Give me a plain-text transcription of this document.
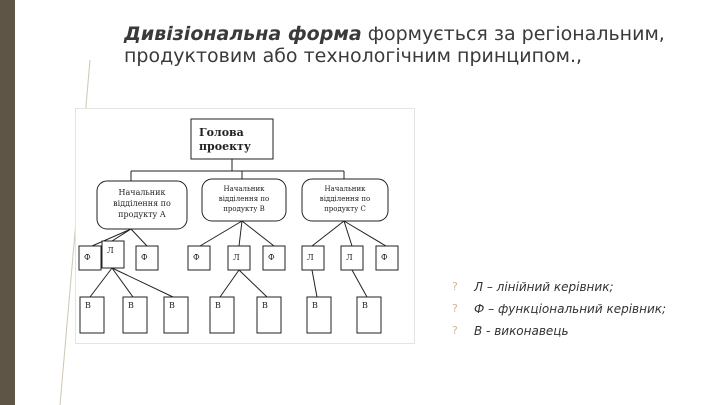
Дивізіональна форма формується за регіональним, продуктовим або технологічним принципом.,
Голова
проекту
Начальник
відділення по
продукту А
Начальник
відділення по
продукту В
Начальник
відділення по
продукту С
Ф
Л
Ф	Ф	Л	Ф	Л	Л	Ф
В	В	В	В	В	В	В
? Л – лінійний керівник;
? Ф – функціональний керівник;
? В - виконавець
